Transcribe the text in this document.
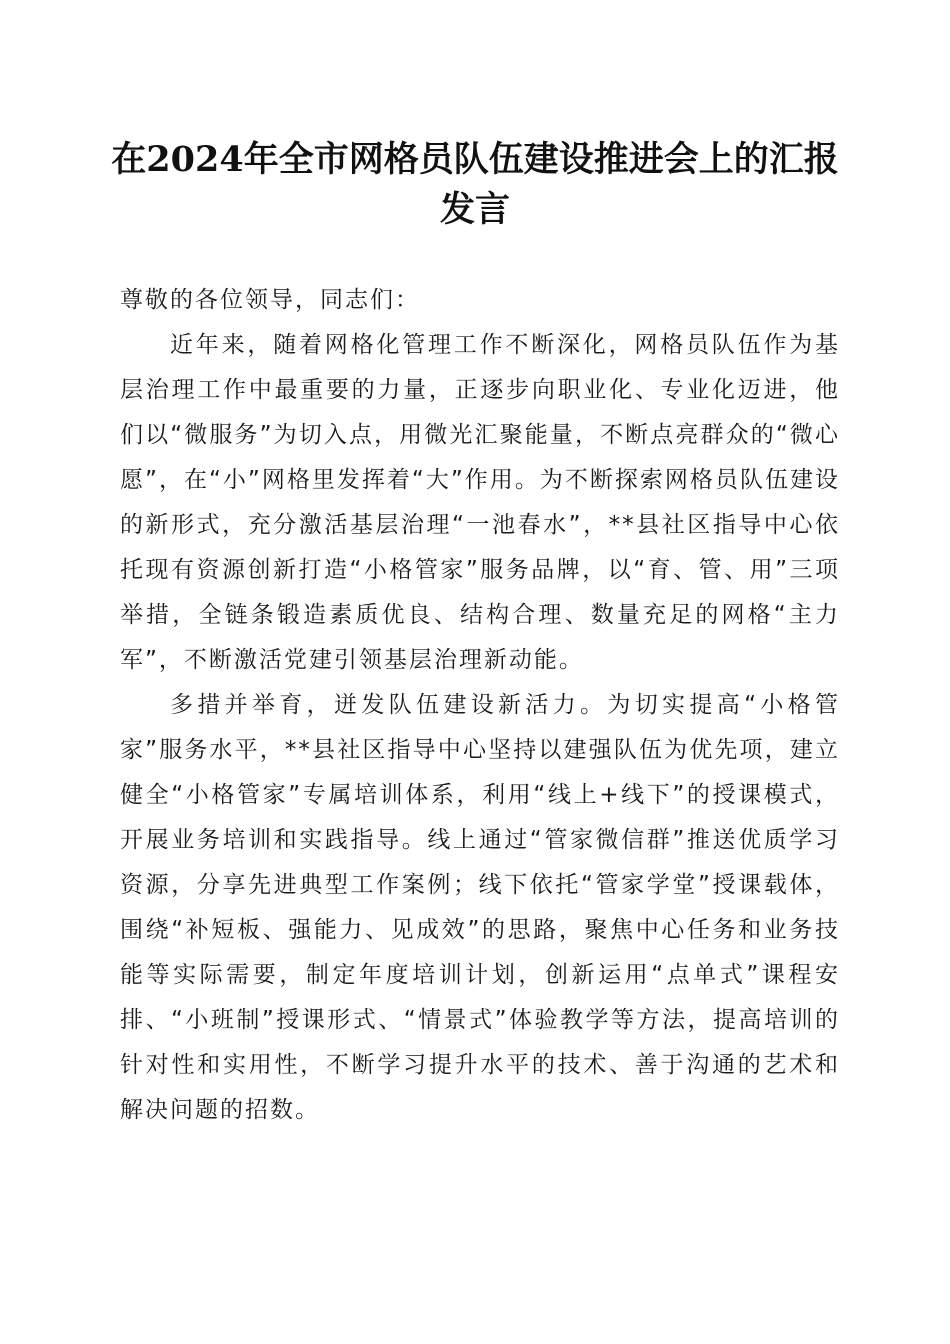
在2024年全市网格员队伍建设推进会上的汇报发言

尊敬的各位领导，同志们：

近年来，随着网格化管理工作不断深化，网格员队伍作为基层治理工作中最重要的力量，正逐步向职业化、专业化迈进，他们以“微服务”为切入点，用微光汇聚能量，不断点亮群众的“微心愿”，在“小”网格里发挥着“大”作用。为不断探索网格员队伍建设的新形式，充分激活基层治理“一池春水”，**县社区指导中心依托现有资源创新打造“小格管家”服务品牌，以“育、管、用”三项举措，全链条锻造素质优良、结构合理、数量充足的网格“主力军”，不断激活党建引领基层治理新动能。

多措并举育，迸发队伍建设新活力。为切实提高“小格管家”服务水平，**县社区指导中心坚持以建强队伍为优先项，建立健全“小格管家”专属培训体系，利用“线上+线下”的授课模式，开展业务培训和实践指导。线上通过“管家微信群”推送优质学习资源，分享先进典型工作案例；线下依托“管家学堂”授课载体，围绕“补短板、强能力、见成效”的思路，聚焦中心任务和业务技能等实际需要，制定年度培训计划，创新运用“点单式”课程安排、“小班制”授课形式、“情景式”体验教学等方法，提高培训的针对性和实用性，不断学习提升水平的技术、善于沟通的艺术和解决问题的招数。
